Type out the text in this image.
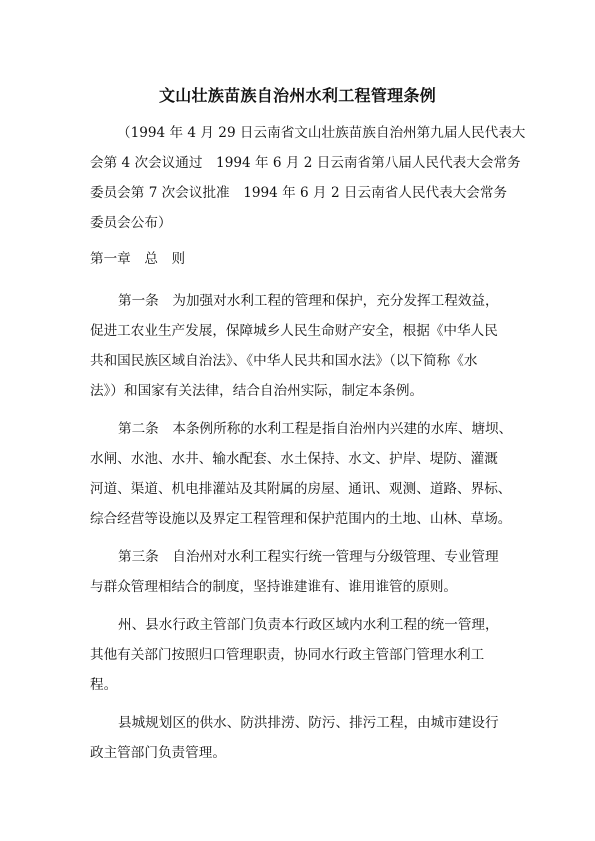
文山壮族苗族自治州水利工程管理条例
（1994 年 4 月 29 日云南省文山壮族苗族自治州第九届人民代表大
会第 4 次会议通过　1994 年 6 月 2 日云南省第八届人民代表大会常务
委员会第 7 次会议批准　1994 年 6 月 2 日云南省人民代表大会常务
委员会公布）
第一章　总　则
第一条　为加强对水利工程的管理和保护，充分发挥工程效益，
促进工农业生产发展，保障城乡人民生命财产安全，根据《中华人民
共和国民族区域自治法》、《中华人民共和国水法》（以下简称《水
法》）和国家有关法律，结合自治州实际，制定本条例。
第二条　本条例所称的水利工程是指自治州内兴建的水库、塘坝、
水闸、水池、水井、输水配套、水土保持、水文、护岸、堤防、灌溉
河道、渠道、机电排灌站及其附属的房屋、通讯、观测、道路、界标、
综合经营等设施以及界定工程管理和保护范围内的土地、山林、草场。
第三条　自治州对水利工程实行统一管理与分级管理、专业管理
与群众管理相结合的制度，坚持谁建谁有、谁用谁管的原则。
州、县水行政主管部门负责本行政区域内水利工程的统一管理，
其他有关部门按照归口管理职责，协同水行政主管部门管理水利工
程。
县城规划区的供水、防洪排涝、防污、排污工程，由城市建设行
政主管部门负责管理。
